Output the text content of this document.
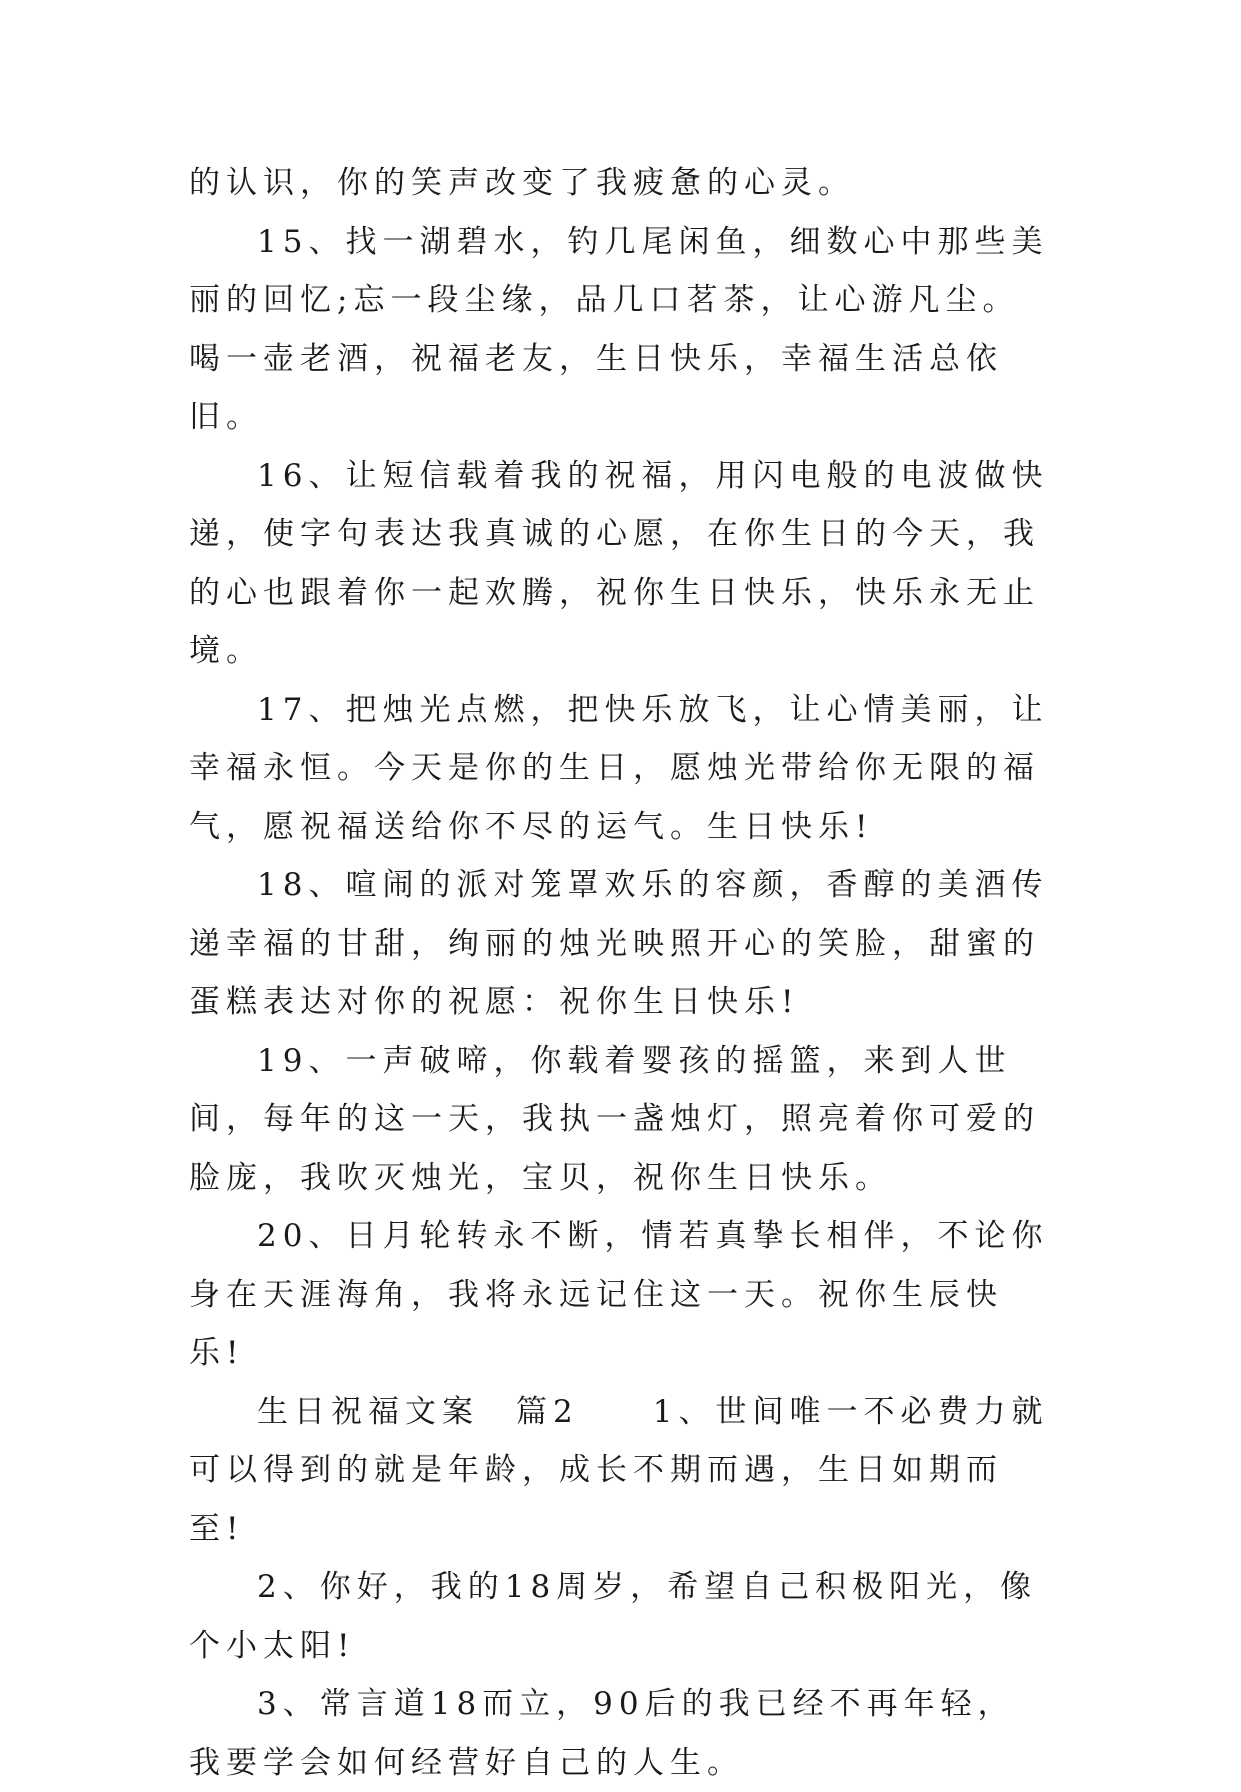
的认识，你的笑声改变了我疲惫的心灵。

15、找一湖碧水，钓几尾闲鱼，细数心中那些美丽的回忆;忘一段尘缘，品几口茗茶，让心游凡尘。喝一壶老酒，祝福老友，生日快乐，幸福生活总依旧。

16、让短信载着我的祝福，用闪电般的电波做快递，使字句表达我真诚的心愿，在你生日的今天，我的心也跟着你一起欢腾，祝你生日快乐，快乐永无止境。

17、把烛光点燃，把快乐放飞，让心情美丽，让幸福永恒。今天是你的生日，愿烛光带给你无限的福气，愿祝福送给你不尽的运气。生日快乐!

18、喧闹的派对笼罩欢乐的容颜，香醇的美酒传递幸福的甘甜，绚丽的烛光映照开心的笑脸，甜蜜的蛋糕表达对你的祝愿：祝你生日快乐!

19、一声破啼，你载着婴孩的摇篮，来到人世间，每年的这一天，我执一盏烛灯，照亮着你可爱的脸庞，我吹灭烛光，宝贝，祝你生日快乐。

20、日月轮转永不断，情若真挚长相伴，不论你身在天涯海角，我将永远记住这一天。祝你生辰快乐!

生日祝福文案　篇2　　1、世间唯一不必费力就可以得到的就是年龄，成长不期而遇，生日如期而至!

2、你好，我的18周岁，希望自己积极阳光，像个小太阳!

3、常言道18而立，90后的我已经不再年轻，我要学会如何经营好自己的人生。
